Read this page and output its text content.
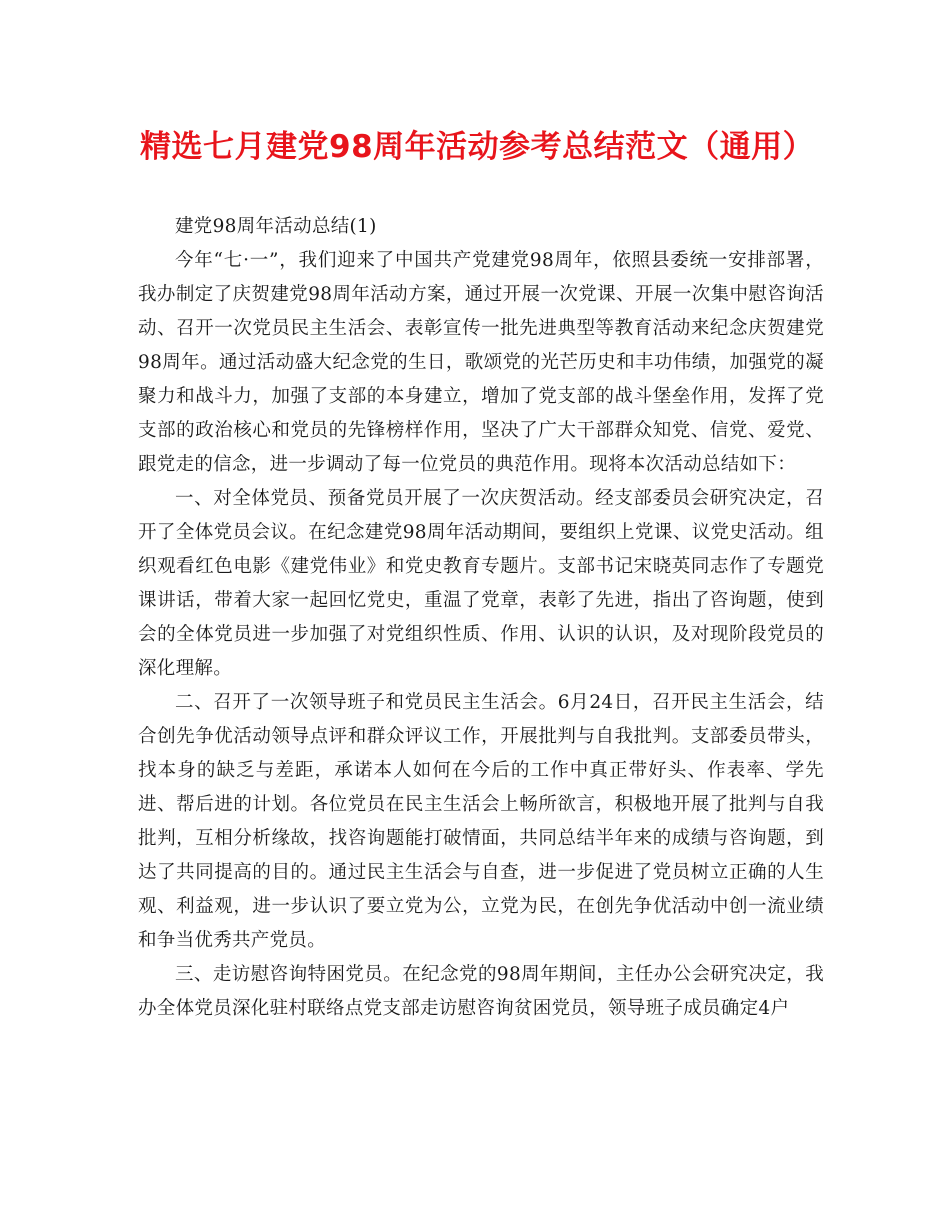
精选七月建党98周年活动参考总结范文（通用）

建党98周年活动总结(1)

今年“七·一”，我们迎来了中国共产党建党98周年，依照县委统一安排部署，我办制定了庆贺建党98周年活动方案，通过开展一次党课、开展一次集中慰咨询活动、召开一次党员民主生活会、表彰宣传一批先进典型等教育活动来纪念庆贺建党98周年。通过活动盛大纪念党的生日，歌颂党的光芒历史和丰功伟绩，加强党的凝聚力和战斗力，加强了支部的本身建立，增加了党支部的战斗堡垒作用，发挥了党支部的政治核心和党员的先锋榜样作用，坚决了广大干部群众知党、信党、爱党、跟党走的信念，进一步调动了每一位党员的典范作用。现将本次活动总结如下：

一、对全体党员、预备党员开展了一次庆贺活动。经支部委员会研究决定，召开了全体党员会议。在纪念建党98周年活动期间，要组织上党课、议党史活动。组织观看红色电影《建党伟业》和党史教育专题片。支部书记宋晓英同志作了专题党课讲话，带着大家一起回忆党史，重温了党章，表彰了先进，指出了咨询题，使到会的全体党员进一步加强了对党组织性质、作用、认识的认识，及对现阶段党员的深化理解。

二、召开了一次领导班子和党员民主生活会。6月24日，召开民主生活会，结合创先争优活动领导点评和群众评议工作，开展批判与自我批判。支部委员带头，找本身的缺乏与差距，承诺本人如何在今后的工作中真正带好头、作表率、学先进、帮后进的计划。各位党员在民主生活会上畅所欲言，积极地开展了批判与自我批判，互相分析缘故，找咨询题能打破情面，共同总结半年来的成绩与咨询题，到达了共同提高的目的。通过民主生活会与自查，进一步促进了党员树立正确的人生观、利益观，进一步认识了要立党为公，立党为民，在创先争优活动中创一流业绩和争当优秀共产党员。

三、走访慰咨询特困党员。在纪念党的98周年期间，主任办公会研究决定，我办全体党员深化驻村联络点党支部走访慰咨询贫困党员，领导班子成员确定4户
